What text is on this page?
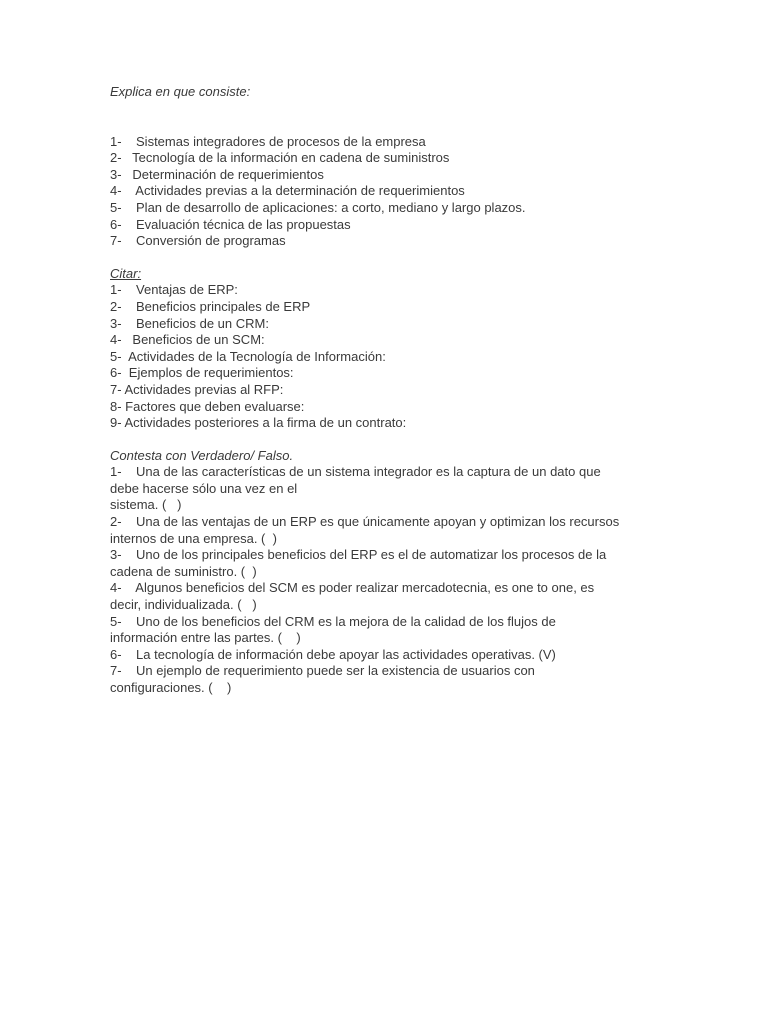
Explica en que consiste:

1-    Sistemas integradores de procesos de la empresa

2-   Tecnología de la información en cadena de suministros

3-   Determinación de requerimientos

4-    Actividades previas a la determinación de requerimientos

5-    Plan de desarrollo de aplicaciones: a corto, mediano y largo plazos.

6-    Evaluación técnica de las propuestas

7-    Conversión de programas

Citar:

1-    Ventajas de ERP:

2-    Beneficios principales de ERP

3-    Beneficios de un CRM:

4-   Beneficios de un SCM:

5-  Actividades de la Tecnología de Información:

6-  Ejemplos de requerimientos:

7- Actividades previas al RFP:

8- Factores que deben evaluarse:

9- Actividades posteriores a la firma de un contrato:

Contesta con Verdadero/ Falso.

1-    Una de las características de un sistema integrador es la captura de un dato que

debe hacerse sólo una vez en el

sistema. (   )

2-    Una de las ventajas de un ERP es que únicamente apoyan y optimizan los recursos

internos de una empresa. (  )

3-    Uno de los principales beneficios del ERP es el de automatizar los procesos de la

cadena de suministro. (  )

4-    Algunos beneficios del SCM es poder realizar mercadotecnia, es one to one, es

decir, individualizada. (   )

5-    Uno de los beneficios del CRM es la mejora de la calidad de los flujos de

información entre las partes. (    )

6-    La tecnología de información debe apoyar las actividades operativas. (V)

7-    Un ejemplo de requerimiento puede ser la existencia de usuarios con

configuraciones. (    )
